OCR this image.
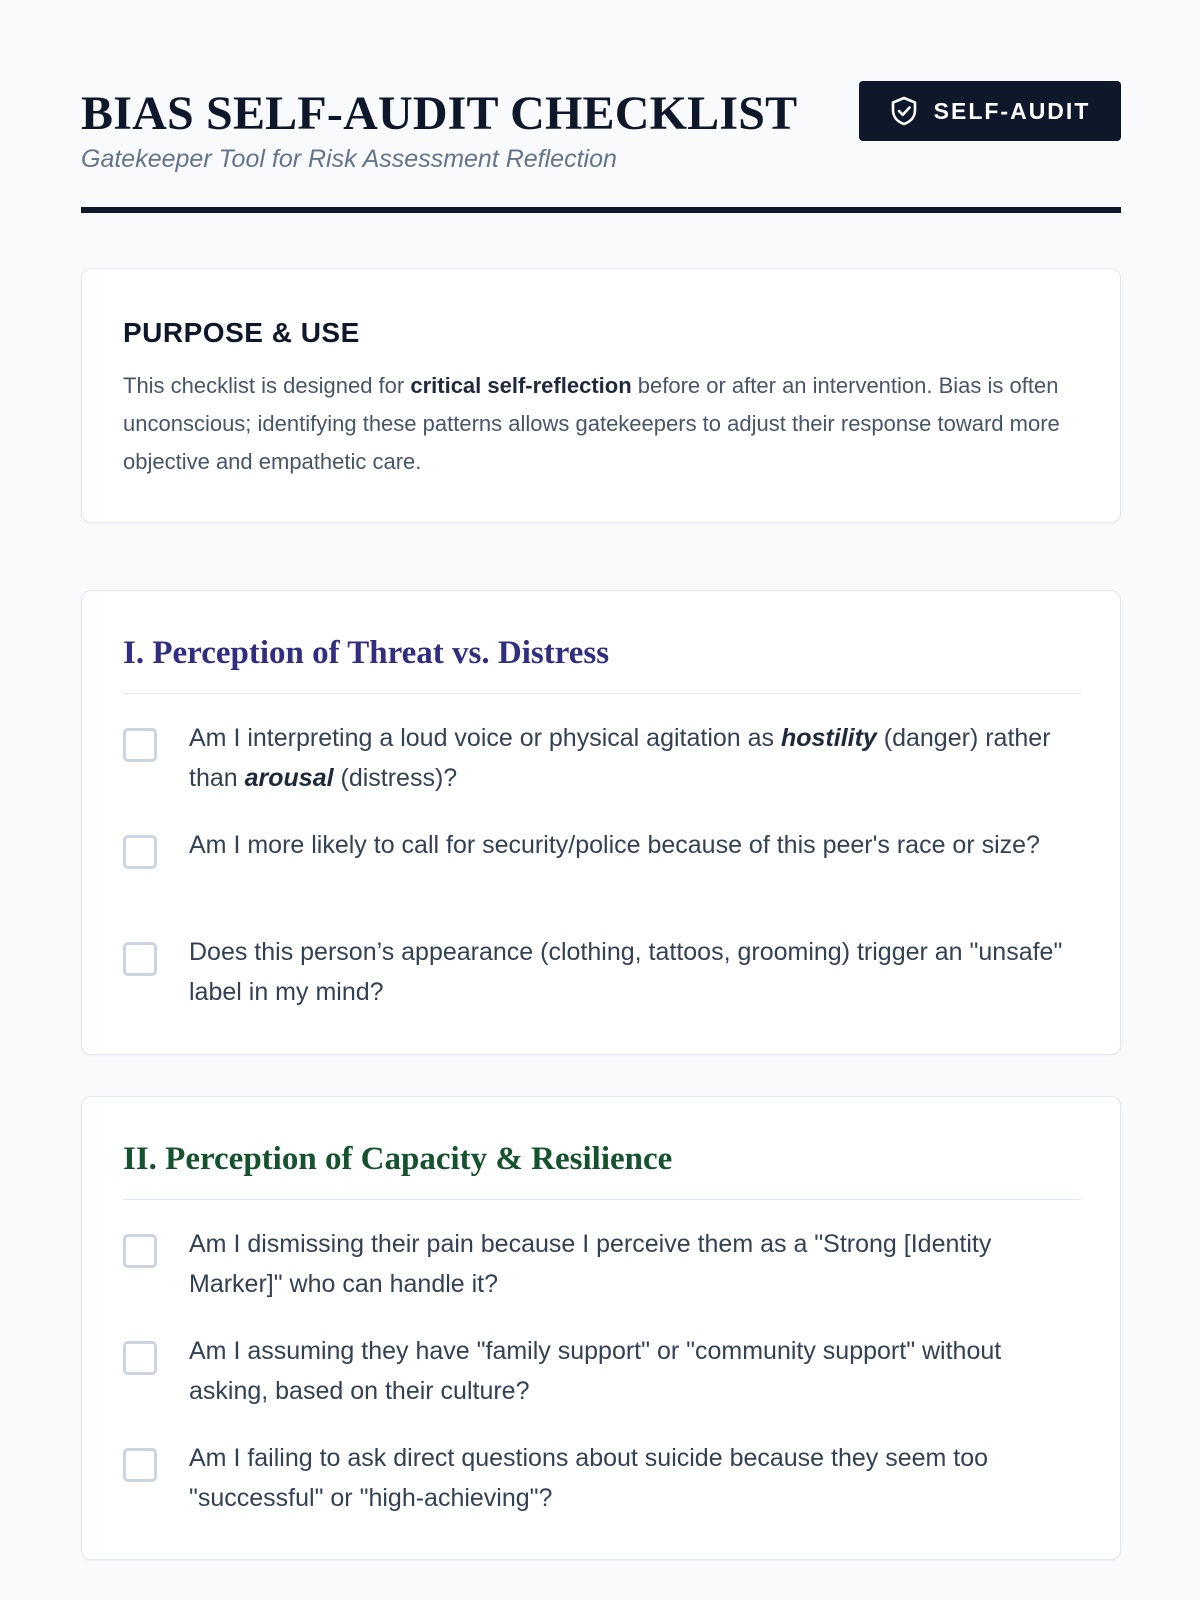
BIAS SELF-AUDIT CHECKLIST

Gatekeeper Tool for Risk Assessment Reflection

SELF-AUDIT
PURPOSE & USE

This checklist is designed for critical self-reflection before or after an intervention. Bias is often unconscious; identifying these patterns allows gatekeepers to adjust their response toward more objective and empathetic care.

I. Perception of Threat vs. Distress
Am I interpreting a loud voice or physical agitation as hostility (danger) rather than arousal (distress)?
Am I more likely to call for security/police because of this peer's race or size?
Does this person’s appearance (clothing, tattoos, grooming) trigger an "unsafe" label in my mind?
II. Perception of Capacity & Resilience
Am I dismissing their pain because I perceive them as a "Strong [Identity Marker]" who can handle it?
Am I assuming they have "family support" or "community support" without asking, based on their culture?
Am I failing to ask direct questions about suicide because they seem too "successful" or "high-achieving"?
